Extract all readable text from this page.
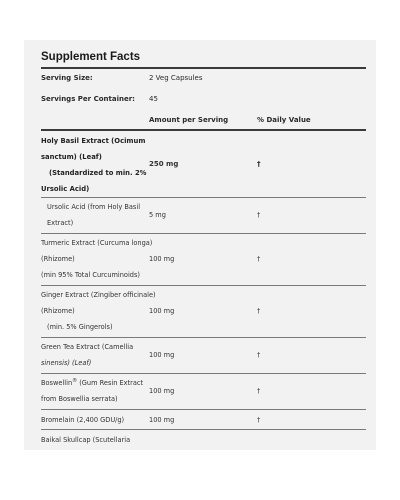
Supplement Facts
Serving Size:	2 Veg Capsules
Servings Per Container: 45
Amount per Serving	% Daily Value
Holy Basil Extract (Ocimum
sanctum) (Leaf)
(Standardized to min. 2%
Ursolic Acid)
250 mg	†
Ursolic Acid (from Holy Basil
Extract)
5 mg	†
Turmeric Extract (Curcuma longa)
(Rhizome)
(min 95% Total Curcuminoids)
100 mg	†
Ginger Extract (Zingiber officinale)
(Rhizome)
(min. 5% Gingerols)
100 mg	†
Green Tea Extract (Camellia
sinensis) (Leaf)
100 mg	†
Boswellin® (Gum Resin Extract
from Boswellia serrata)
100 mg	†
Bromelain (2,400 GDU/g)	100 mg	†
Baikal Skullcap (Scutellaria
